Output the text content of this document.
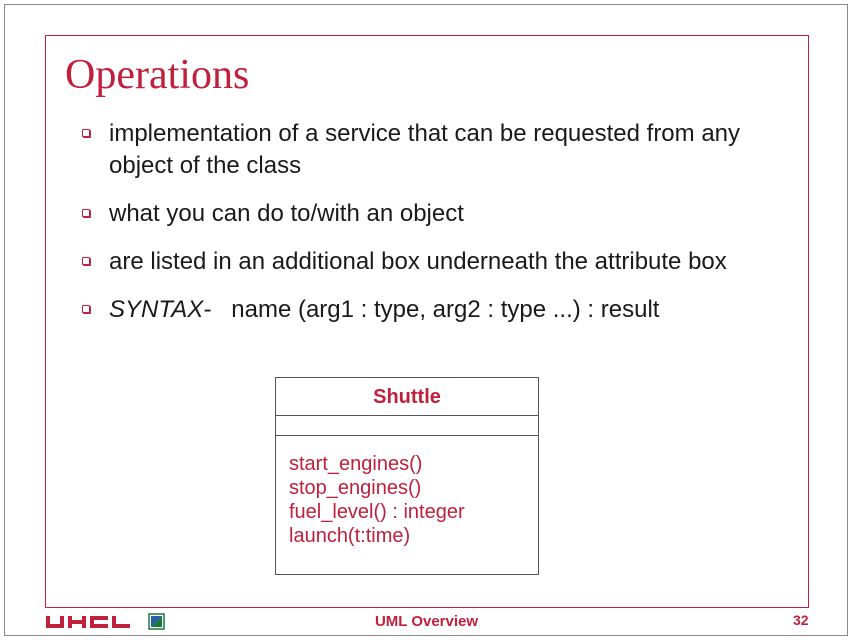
Operations
implementation of a service that can be requested from any object of the class
what you can do to/with an object
are listed in an additional box underneath the attribute box
SYNTAX- name (arg1 : type, arg2 : type ...) : result
Shuttle
start_engines()
stop_engines()
fuel_level() : integer
launch(t:time)
UML Overview	32
